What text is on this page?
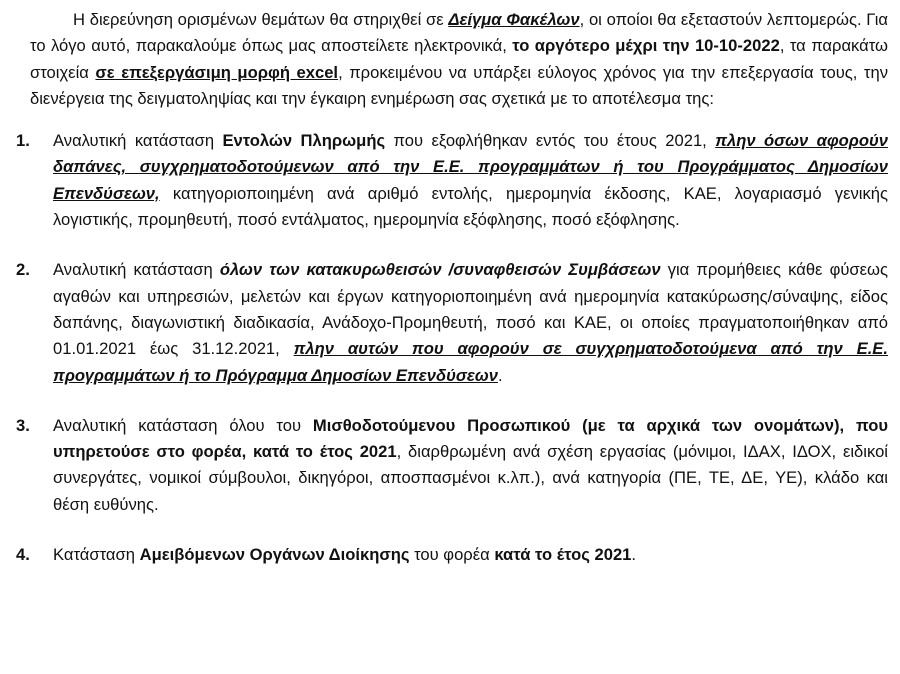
Η διερεύνηση ορισμένων θεμάτων θα στηριχθεί σε Δείγμα Φακέλων, οι οποίοι θα εξεταστούν λεπτομερώς. Για το λόγο αυτό, παρακαλούμε όπως μας αποστείλετε ηλεκτρονικά, το αργότερο μέχρι την 10-10-2022, τα παρακάτω στοιχεία σε επεξεργάσιμη μορφή excel, προκειμένου να υπάρξει εύλογος χρόνος για την επεξεργασία τους, την διενέργεια της δειγματοληψίας και την έγκαιρη ενημέρωση σας σχετικά με το αποτέλεσμα της:

1. Αναλυτική κατάσταση Εντολών Πληρωμής που εξοφλήθηκαν εντός του έτους 2021, πλην όσων αφορούν δαπάνες, συγχρηματοδοτούμενων από την Ε.Ε. προγραμμάτων ή του Προγράμματος Δημοσίων Επενδύσεων, κατηγοριοποιημένη ανά αριθμό εντολής, ημερομηνία έκδοσης, ΚΑΕ, λογαριασμό γενικής λογιστικής, προμηθευτή, ποσό εντάλματος, ημερομηνία εξόφλησης, ποσό εξόφλησης.

2. Αναλυτική κατάσταση όλων των κατακυρωθεισών /συναφθεισών Συμβάσεων για προμήθειες κάθε φύσεως αγαθών και υπηρεσιών, μελετών και έργων κατηγοριοποιημένη ανά ημερομηνία κατακύρωσης/σύναψης, είδος δαπάνης, διαγωνιστική διαδικασία, Ανάδοχο-Προμηθευτή, ποσό και ΚΑΕ, οι οποίες πραγματοποιήθηκαν από 01.01.2021 έως 31.12.2021, πλην αυτών που αφορούν σε συγχρηματοδοτούμενα από την Ε.Ε. προγραμμάτων ή το Πρόγραμμα Δημοσίων Επενδύσεων.

3. Αναλυτική κατάσταση όλου του Μισθοδοτούμενου Προσωπικού (με τα αρχικά των ονομάτων), που υπηρετούσε στο φορέα, κατά το έτος 2021, διαρθρωμένη ανά σχέση εργασίας (μόνιμοι, ΙΔΑΧ, ΙΔΟΧ, ειδικοί συνεργάτες, νομικοί σύμβουλοι, δικηγόροι, αποσπασμένοι κ.λπ.), ανά κατηγορία (ΠΕ, ΤΕ, ΔΕ, ΥΕ), κλάδο και θέση ευθύνης.

4. Κατάσταση Αμειβόμενων Οργάνων Διοίκησης του φορέα κατά το έτος 2021.
